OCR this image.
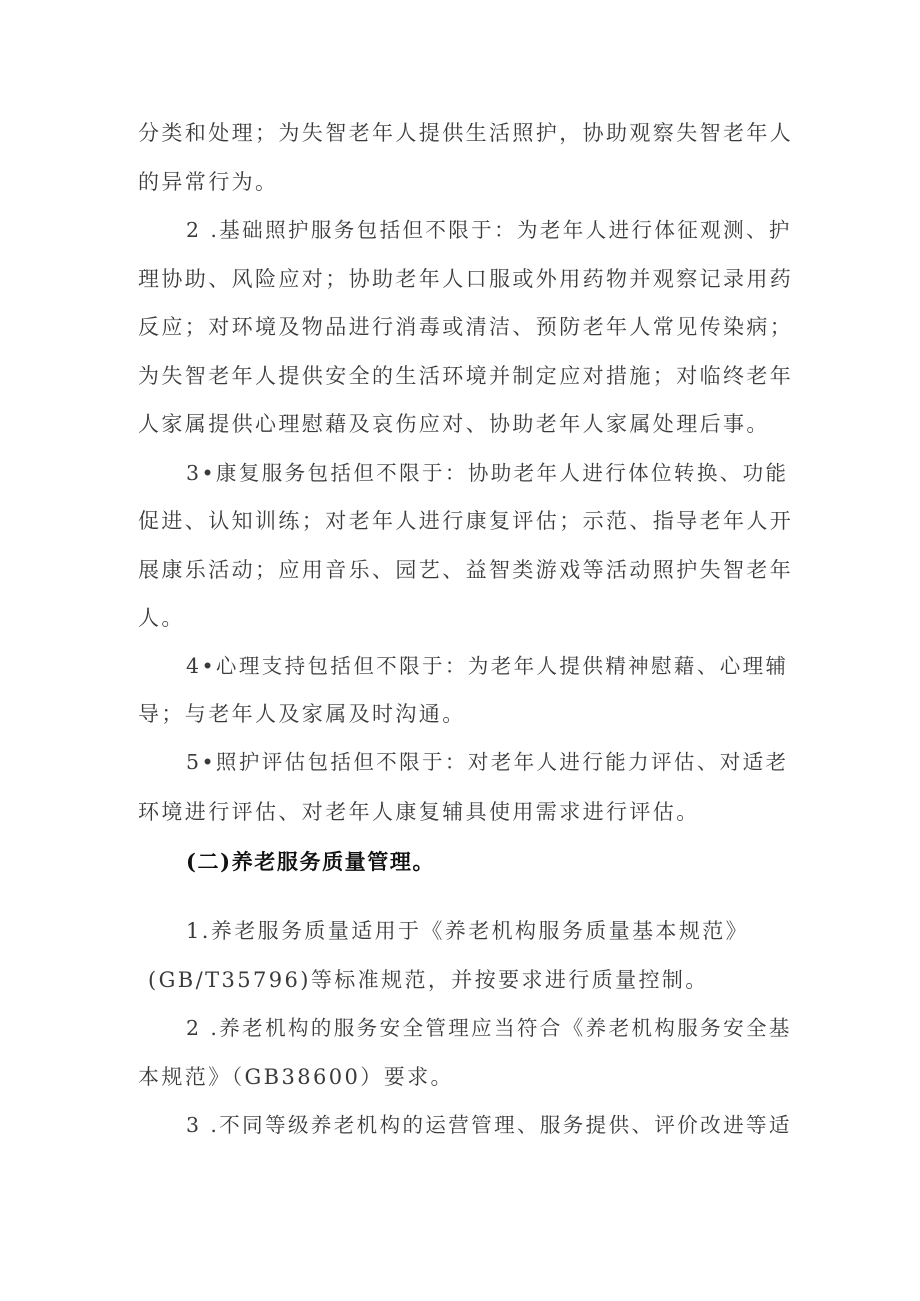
分类和处理；为失智老年人提供生活照护，协助观察失智老年人
的异常行为。
2 .基础照护服务包括但不限于：为老年人进行体征观测、护
理协助、风险应对；协助老年人口服或外用药物并观察记录用药
反应；对环境及物品进行消毒或清洁、预防老年人常见传染病；
为失智老年人提供安全的生活环境并制定应对措施；对临终老年
人家属提供心理慰藉及哀伤应对、协助老年人家属处理后事。
3•康复服务包括但不限于：协助老年人进行体位转换、功能
促进、认知训练；对老年人进行康复评估；示范、指导老年人开
展康乐活动；应用音乐、园艺、益智类游戏等活动照护失智老年
人。
4•心理支持包括但不限于：为老年人提供精神慰藉、心理辅
导；与老年人及家属及时沟通。
5•照护评估包括但不限于：对老年人进行能力评估、对适老
环境进行评估、对老年人康复辅具使用需求进行评估。
(二)养老服务质量管理。
1.养老服务质量适用于《养老机构服务质量基本规范》
(GB/T35796)等标准规范，并按要求进行质量控制。
2 .养老机构的服务安全管理应当符合《养老机构服务安全基
本规范》（GB38600）要求。
3 .不同等级养老机构的运营管理、服务提供、评价改进等适
